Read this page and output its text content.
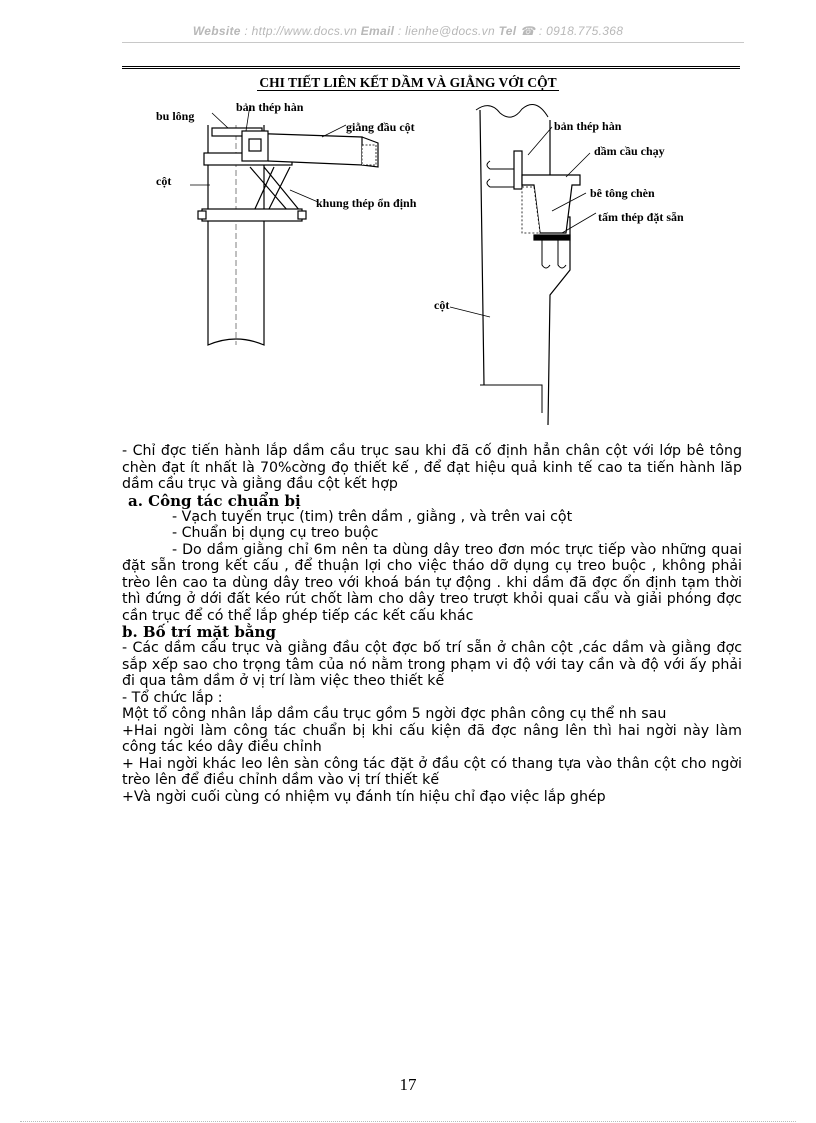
Website : http://www.docs.vn Email : lienhe@docs.vn Tel ☎ : 0918.775.368
CHI TIẾT LIÊN KẾT DẦM VÀ GIẰNG VỚI CỘT
bu lông
bản thép hàn
giằng đầu cột
cột
khung thép ổn định
bản thép hàn
dầm cầu chạy
bê tông chèn
tấm thép đặt sẵn
cột

- Chỉ đợc tiến hành lắp dầm cầu trục sau khi đã cố định hẳn chân cột với lớp bê tông chèn đạt ít nhất là 70%cờng đọ thiết kế , để đạt hiệu quả kinh tế cao ta tiến hành lăp dầm cầu trục và giằng đầu cột kết hợp

a. Công tác chuẩn bị

- Vạch tuyến trục (tim) trên dầm , giằng , và trên vai cột

- Chuẩn bị dụng cụ treo buộc

- Do dầm giằng chỉ 6m nên ta dùng dây treo đơn móc trực tiếp vào những quai đặt sẵn trong kết cấu , để thuận lợi cho việc tháo dỡ dụng cụ treo buộc , không phải trèo lên cao ta dùng dây treo với khoá bán tự động . khi dầm đã đợc ổn định tạm thời thì đứng ở dới đất kéo rút chốt làm cho dây treo trượt khỏi quai cẩu và giải phóng đợc cần trục để có thể lắp ghép tiếp các kết cấu khác

b. Bố trí mặt bằng

- Các dầm cầu trục và giằng đầu cột đợc bố trí sẵn ở chân cột ,các dầm và giằng đợc sắp xếp sao cho trọng tâm của nó nằm trong phạm vi độ với tay cần và độ với ấy phải đi qua tâm dầm ở vị trí làm việc theo thiết kế

- Tổ chức lắp :

Một tổ công nhân lắp dầm cầu trục gồm 5 ngời đợc phân công cụ thể nh sau

+Hai ngời làm công tác chuẩn bị khi cấu kiện đã đợc nâng lên thì hai ngời này làm công tác kéo dây điều chỉnh

+ Hai ngời khác leo lên sàn công tác đặt ở đầu cột có thang tựa vào thân cột cho ngời trèo lên để điều chỉnh dầm vào vị trí thiết kế

+Và ngời cuối cùng có nhiệm vụ đánh tín hiệu chỉ đạo việc lắp ghép

17
